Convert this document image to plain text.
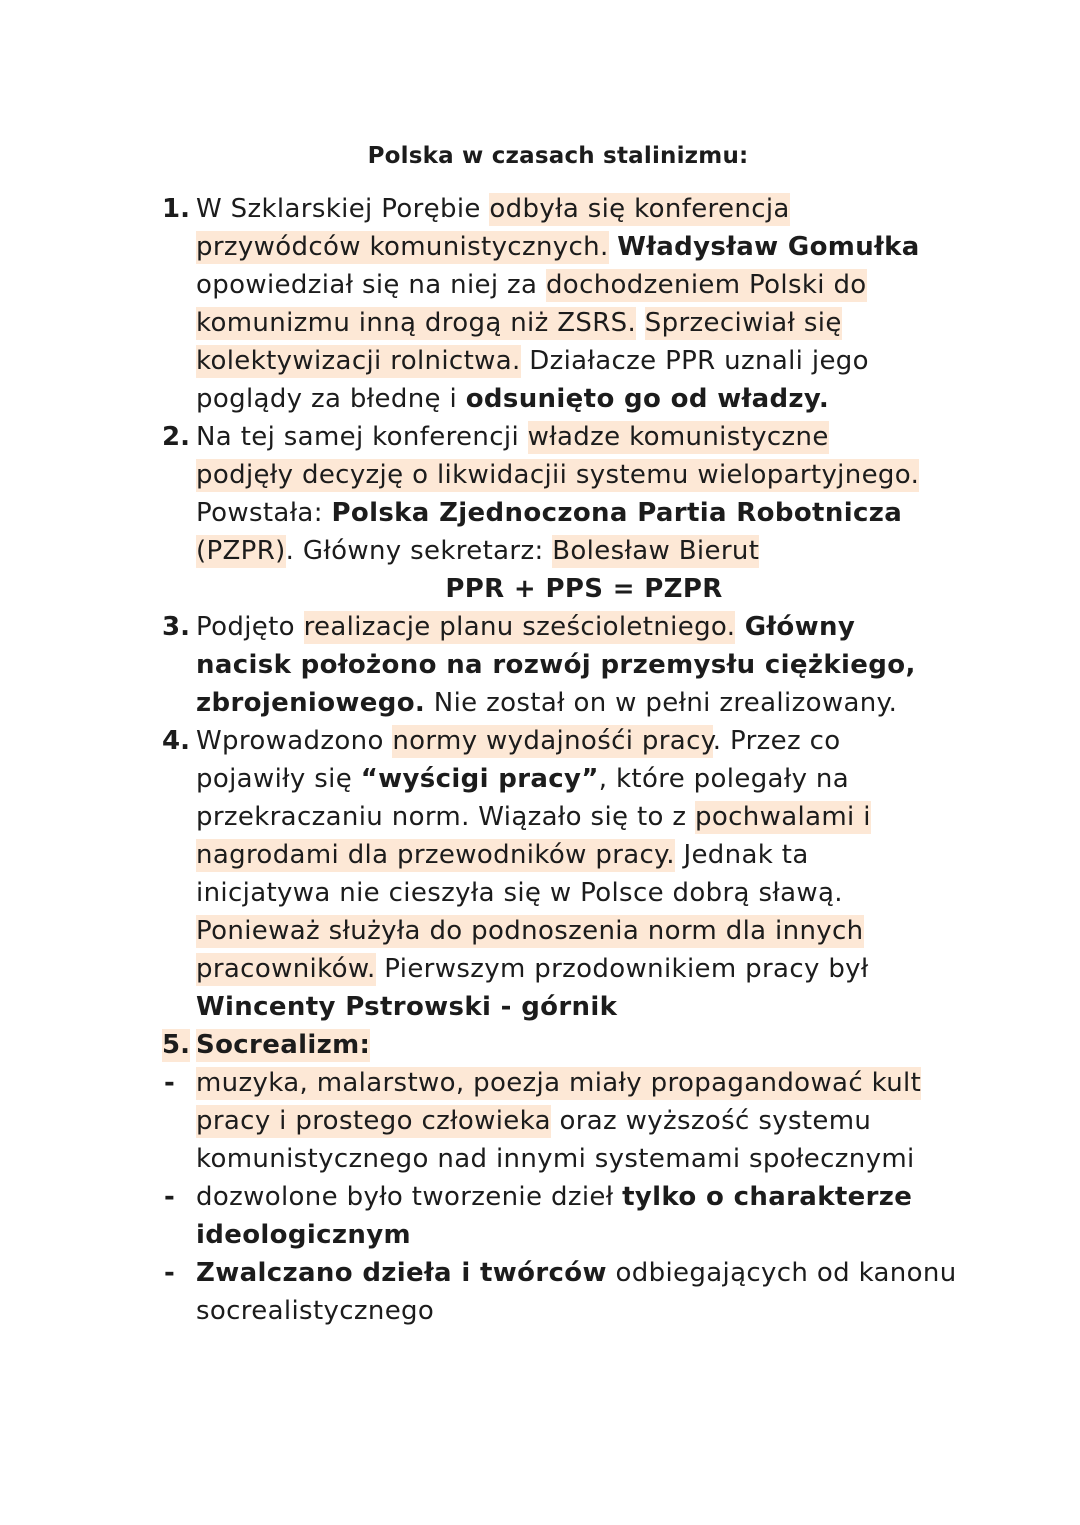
Polska w czasach stalinizmu:
1. W Szklarskiej Porębie odbyła się konferencja
przywódców komunistycznych. Władysław Gomułka
opowiedział się na niej za dochodzeniem Polski do
komunizmu inną drogą niż ZSRS. Sprzeciwiał się
kolektywizacji rolnictwa. Działacze PPR uznali jego
poglądy za błednę i odsunięto go od władzy.
2. Na tej samej konferencji władze komunistyczne
podjęły decyzję o likwidacjii systemu wielopartyjnego.
Powstała: Polska Zjednoczona Partia Robotnicza
(PZPR). Główny sekretarz: Bolesław Bierut
PPR + PPS = PZPR
3. Podjęto realizacje planu sześcioletniego. Główny
nacisk położono na rozwój przemysłu ciężkiego,
zbrojeniowego. Nie został on w pełni zrealizowany.
4. Wprowadzono normy wydajnośći pracy. Przez co
pojawiły się “wyścigi pracy”, które polegały na
przekraczaniu norm. Wiązało się to z pochwalami i
nagrodami dla przewodników pracy. Jednak ta
inicjatywa nie cieszyła się w Polsce dobrą sławą.
Ponieważ służyła do podnoszenia norm dla innych
pracowników. Pierwszym przodownikiem pracy był
Wincenty Pstrowski - górnik
5. Socrealizm:
- muzyka, malarstwo, poezja miały propagandować kult
pracy i prostego człowieka oraz wyższość systemu
komunistycznego nad innymi systemami społecznymi
- dozwolone było tworzenie dzieł tylko o charakterze
ideologicznym
- Zwalczano dzieła i twórców odbiegających od kanonu
socrealistycznego
